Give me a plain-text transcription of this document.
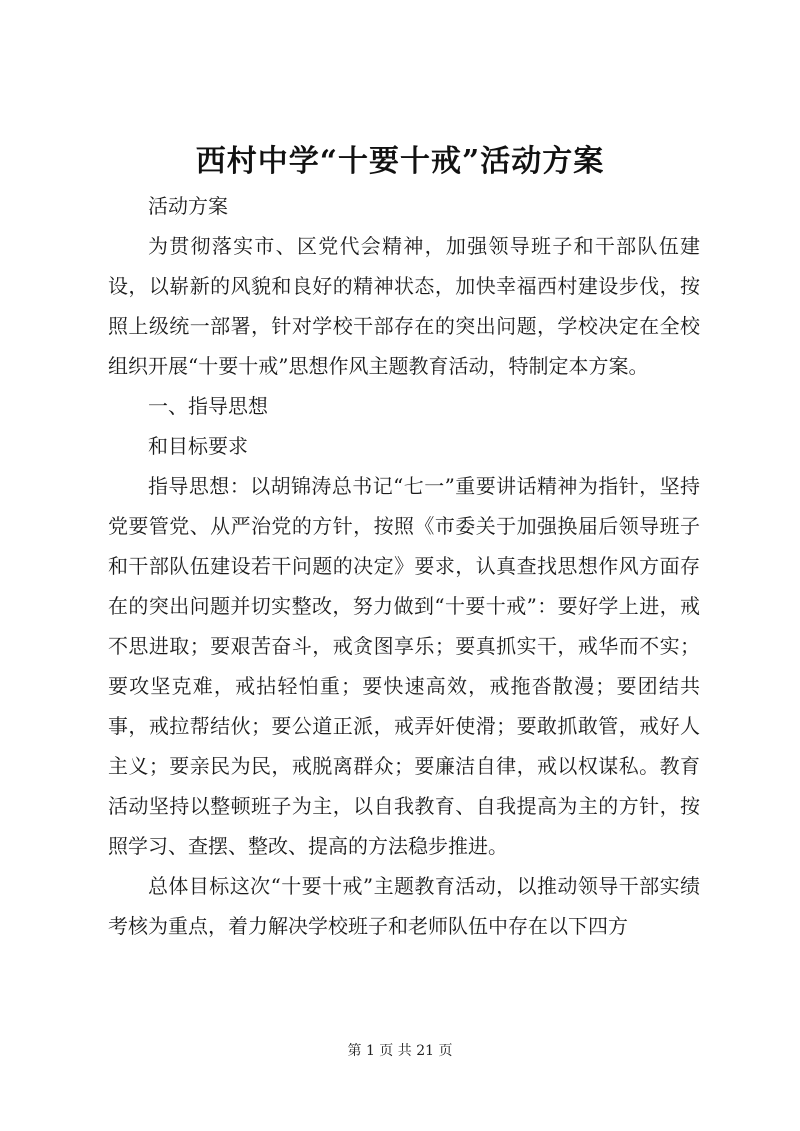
西村中学“十要十戒”活动方案

活动方案

为贯彻落实市、区党代会精神，加强领导班子和干部队伍建设，以崭新的风貌和良好的精神状态，加快幸福西村建设步伐，按照上级统一部署，针对学校干部存在的突出问题，学校决定在全校组织开展“十要十戒”思想作风主题教育活动，特制定本方案。

一、指导思想

和目标要求

指导思想：以胡锦涛总书记“七一”重要讲话精神为指针，坚持党要管党、从严治党的方针，按照《市委关于加强换届后领导班子和干部队伍建设若干问题的决定》要求，认真查找思想作风方面存在的突出问题并切实整改，努力做到“十要十戒”：要好学上进，戒不思进取；要艰苦奋斗，戒贪图享乐；要真抓实干，戒华而不实；要攻坚克难，戒拈轻怕重；要快速高效，戒拖沓散漫；要团结共事，戒拉帮结伙；要公道正派，戒弄奸使滑；要敢抓敢管，戒好人主义；要亲民为民，戒脱离群众；要廉洁自律，戒以权谋私。教育活动坚持以整顿班子为主，以自我教育、自我提高为主的方针，按照学习、查摆、整改、提高的方法稳步推进。

总体目标这次“十要十戒”主题教育活动，以推动领导干部实绩考核为重点，着力解决学校班子和老师队伍中存在以下四方

第 1 页 共 21 页
